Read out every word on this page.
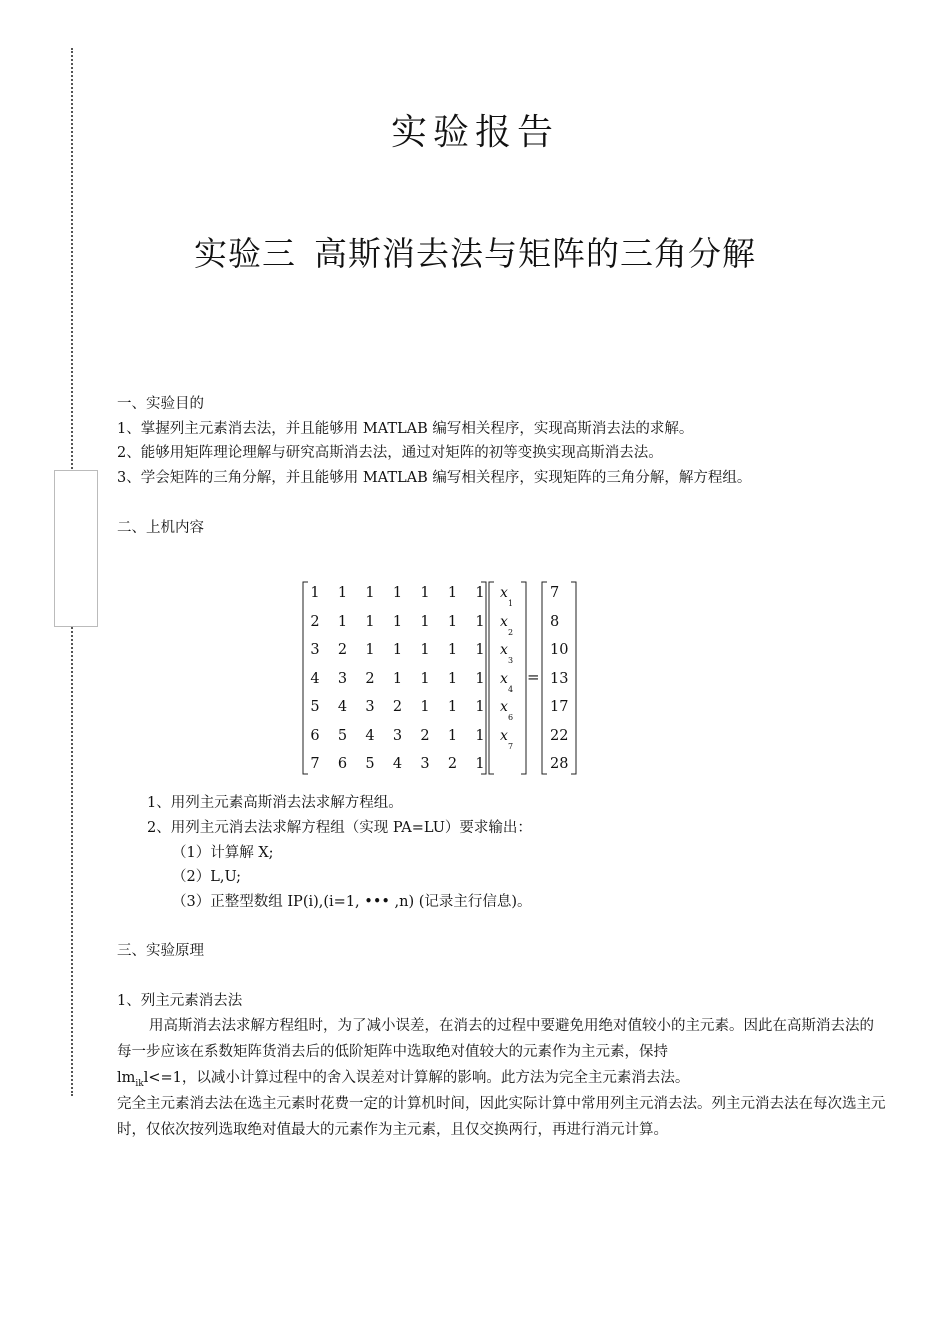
实验报告
实验三 高斯消去法与矩阵的三角分解
一、实验目的
1、掌握列主元素消去法，并且能够用 MATLAB 编写相关程序，实现高斯消去法的求解。
2、能够用矩阵理论理解与研究高斯消去法，通过对矩阵的初等变换实现高斯消去法。
3、学会矩阵的三角分解，并且能够用 MATLAB 编写相关程序，实现矩阵的三角分解，解方程组。
二、上机内容
1	1	1	1	1	1	1
2	1	1	1	1	1	1
3	2	1	1	1	1	1
4	3	2	1	1	1	1
5	4	3	2	1	1	1
6	5	4	3	2	1	1
7	6	5	4	3	2	1
x
1
x
2
x
3
x
4
x
6
x
7
7
8
10
13
17
22
28
=
1、用列主元素高斯消去法求解方程组。
2、用列主元消去法求解方程组（实现 PA=LU）要求输出：
（1）计算解 X;
（2）L,U;
（3）正整型数组 IP(i),(i=1, ••• ,n) (记录主行信息)。
三、实验原理
1、列主元素消去法
用高斯消去法求解方程组时，为了减小误差，在消去的过程中要避免用绝对值较小的主元素。因此在高斯消去法的每一步应该在系数矩阵货消去后的低阶矩阵中选取绝对值较大的元素作为主元素，保持
$lm_{ik}l<=1$，以减小计算过程中的舍入误差对计算解的影响。此方法为完全主元素消去法。
完全主元素消去法在选主元素时花费一定的计算机时间，因此实际计算中常用列主元消去法。列主元消去法在每次选主元时，仅依次按列选取绝对值最大的元素作为主元素，且仅交换两行，再进行消元计算。
